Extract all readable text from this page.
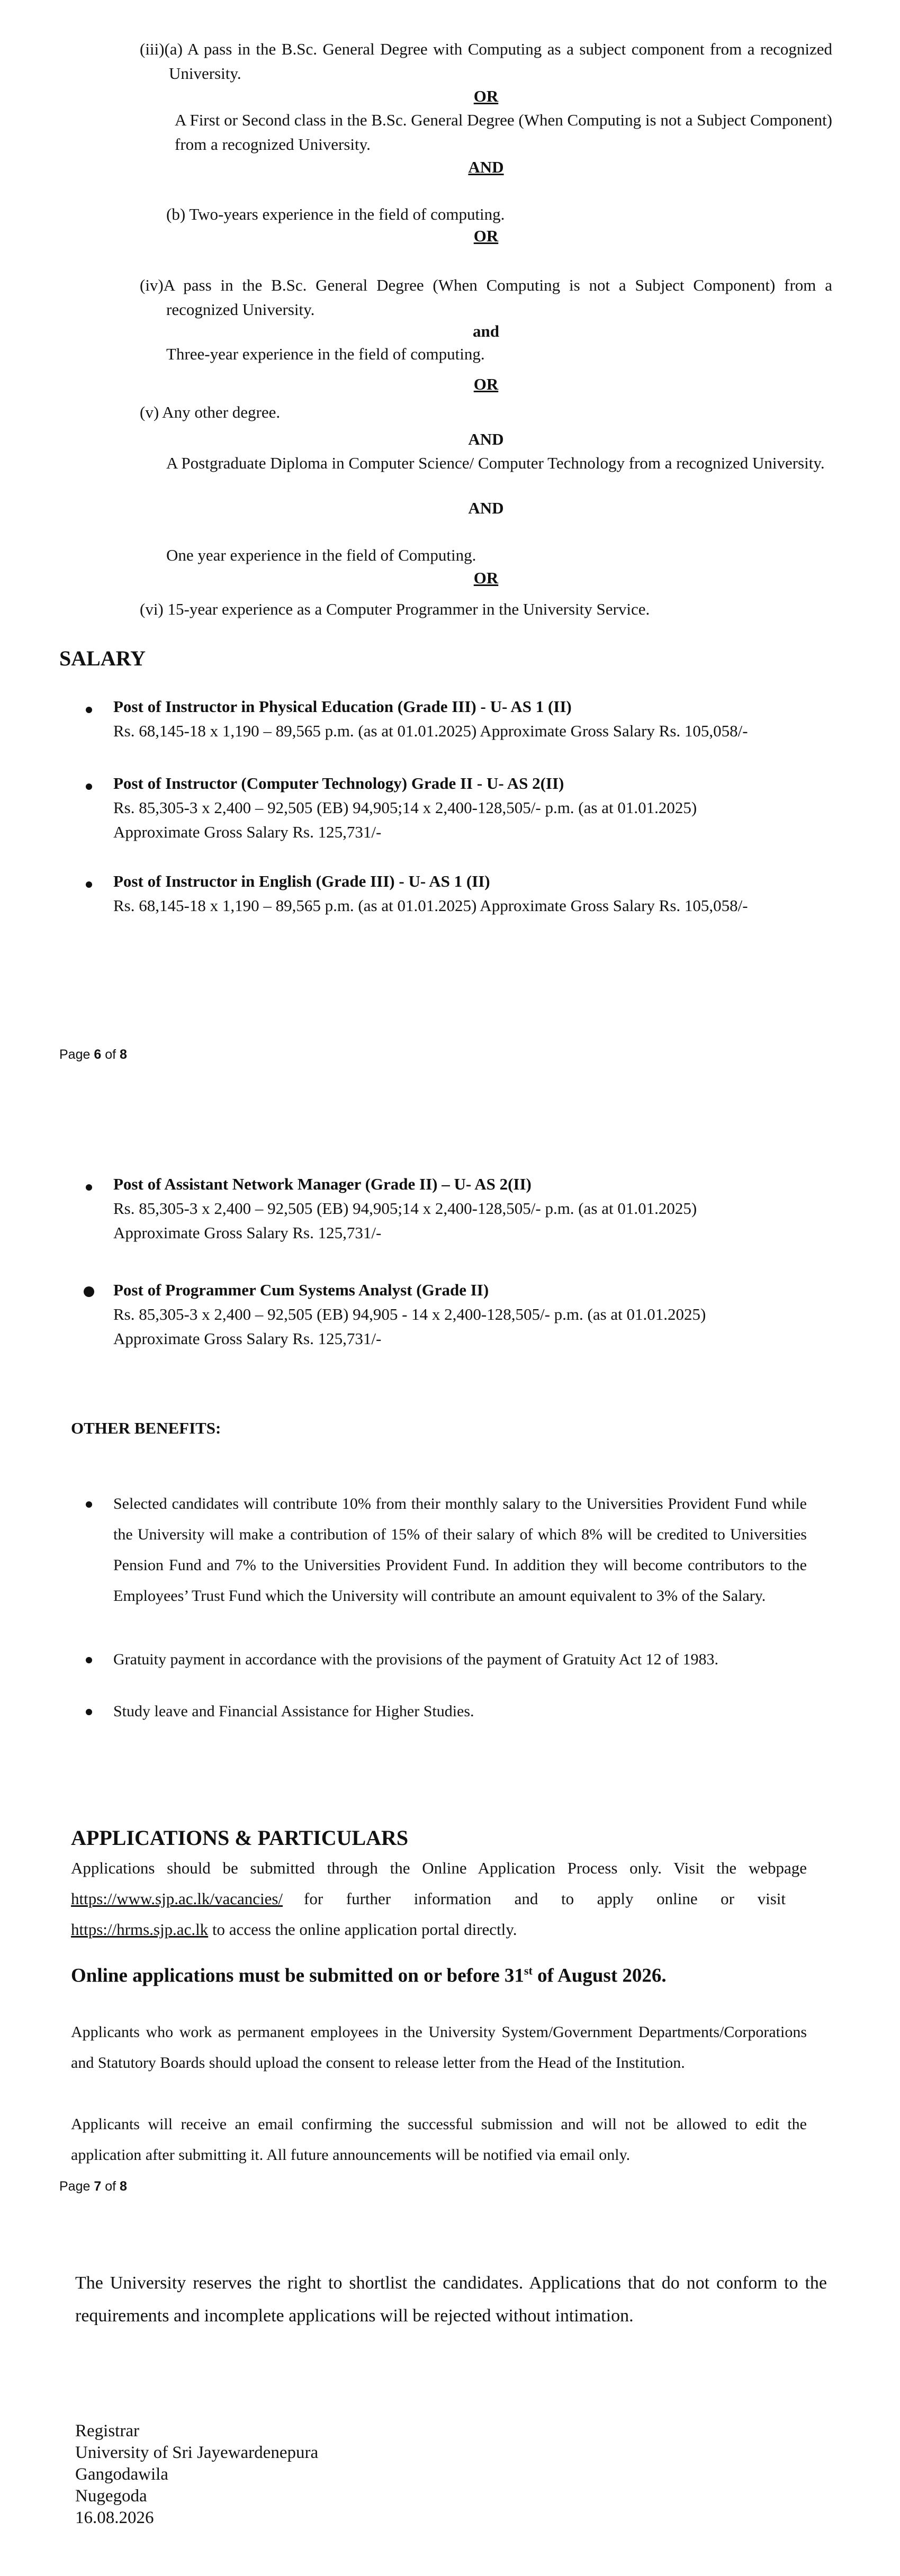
(iii)(a) A pass in the B.Sc. General Degree with Computing as a subject component from a recognized University.
OR
A First or Second class in the B.Sc. General Degree (When Computing is not a Subject Component) from a recognized University.
AND
(b) Two-years experience in the field of computing.
OR
(iv)A pass in the B.Sc. General Degree (When Computing is not a Subject Component) from a recognized University.
and
Three-year experience in the field of computing.
OR
(v) Any other degree.
AND
A Postgraduate Diploma in Computer Science/ Computer Technology from a recognized University.
AND
One year experience in the field of Computing.
OR
(vi) 15-year experience as a Computer Programmer in the University Service.
SALARY
Post of Instructor in Physical Education (Grade III) - U- AS 1 (II)
Rs. 68,145-18 x 1,190 – 89,565 p.m. (as at 01.01.2025) Approximate Gross Salary Rs. 105,058/-
Post of Instructor (Computer Technology) Grade II - U- AS 2(II)
Rs. 85,305-3 x 2,400 – 92,505 (EB) 94,905;14 x 2,400-128,505/- p.m. (as at 01.01.2025)
Approximate Gross Salary Rs. 125,731/-
Post of Instructor in English (Grade III) - U- AS 1 (II)
Rs. 68,145-18 x 1,190 – 89,565 p.m. (as at 01.01.2025) Approximate Gross Salary Rs. 105,058/-
Page 6 of 8
Post of Assistant Network Manager (Grade II) – U- AS 2(II)
Rs. 85,305-3 x 2,400 – 92,505 (EB) 94,905;14 x 2,400-128,505/- p.m. (as at 01.01.2025)
Approximate Gross Salary Rs. 125,731/-
Post of Programmer Cum Systems Analyst (Grade II)
Rs. 85,305-3 x 2,400 – 92,505 (EB) 94,905 - 14 x 2,400-128,505/- p.m. (as at 01.01.2025)
Approximate Gross Salary Rs. 125,731/-
OTHER BENEFITS:
Selected candidates will contribute 10% from their monthly salary to the Universities Provident Fund while the University will make a contribution of 15% of their salary of which 8% will be credited to Universities Pension Fund and 7% to the Universities Provident Fund. In addition they will become contributors to the Employees’ Trust Fund which the University will contribute an amount equivalent to 3% of the Salary.
Gratuity payment in accordance with the provisions of the payment of Gratuity Act 12 of 1983.
Study leave and Financial Assistance for Higher Studies.
APPLICATIONS & PARTICULARS
Applications should be submitted through the Online Application Process only. Visit the webpage
https://www.sjp.ac.lk/vacancies/	for further information and to apply online or visit
https://hrms.sjp.ac.lk to access the online application portal directly.
Online applications must be submitted on or before 31st of August 2026.
Applicants who work as permanent employees in the University System/Government Departments/Corporations and Statutory Boards should upload the consent to release letter from the Head of the Institution.
Applicants will receive an email confirming the successful submission and will not be allowed to edit the application after submitting it. All future announcements will be notified via email only.
Page 7 of 8
The University reserves the right to shortlist the candidates. Applications that do not conform to the requirements and incomplete applications will be rejected without intimation.
Registrar
University of Sri Jayewardenepura
Gangodawila
Nugegoda
16.08.2026
